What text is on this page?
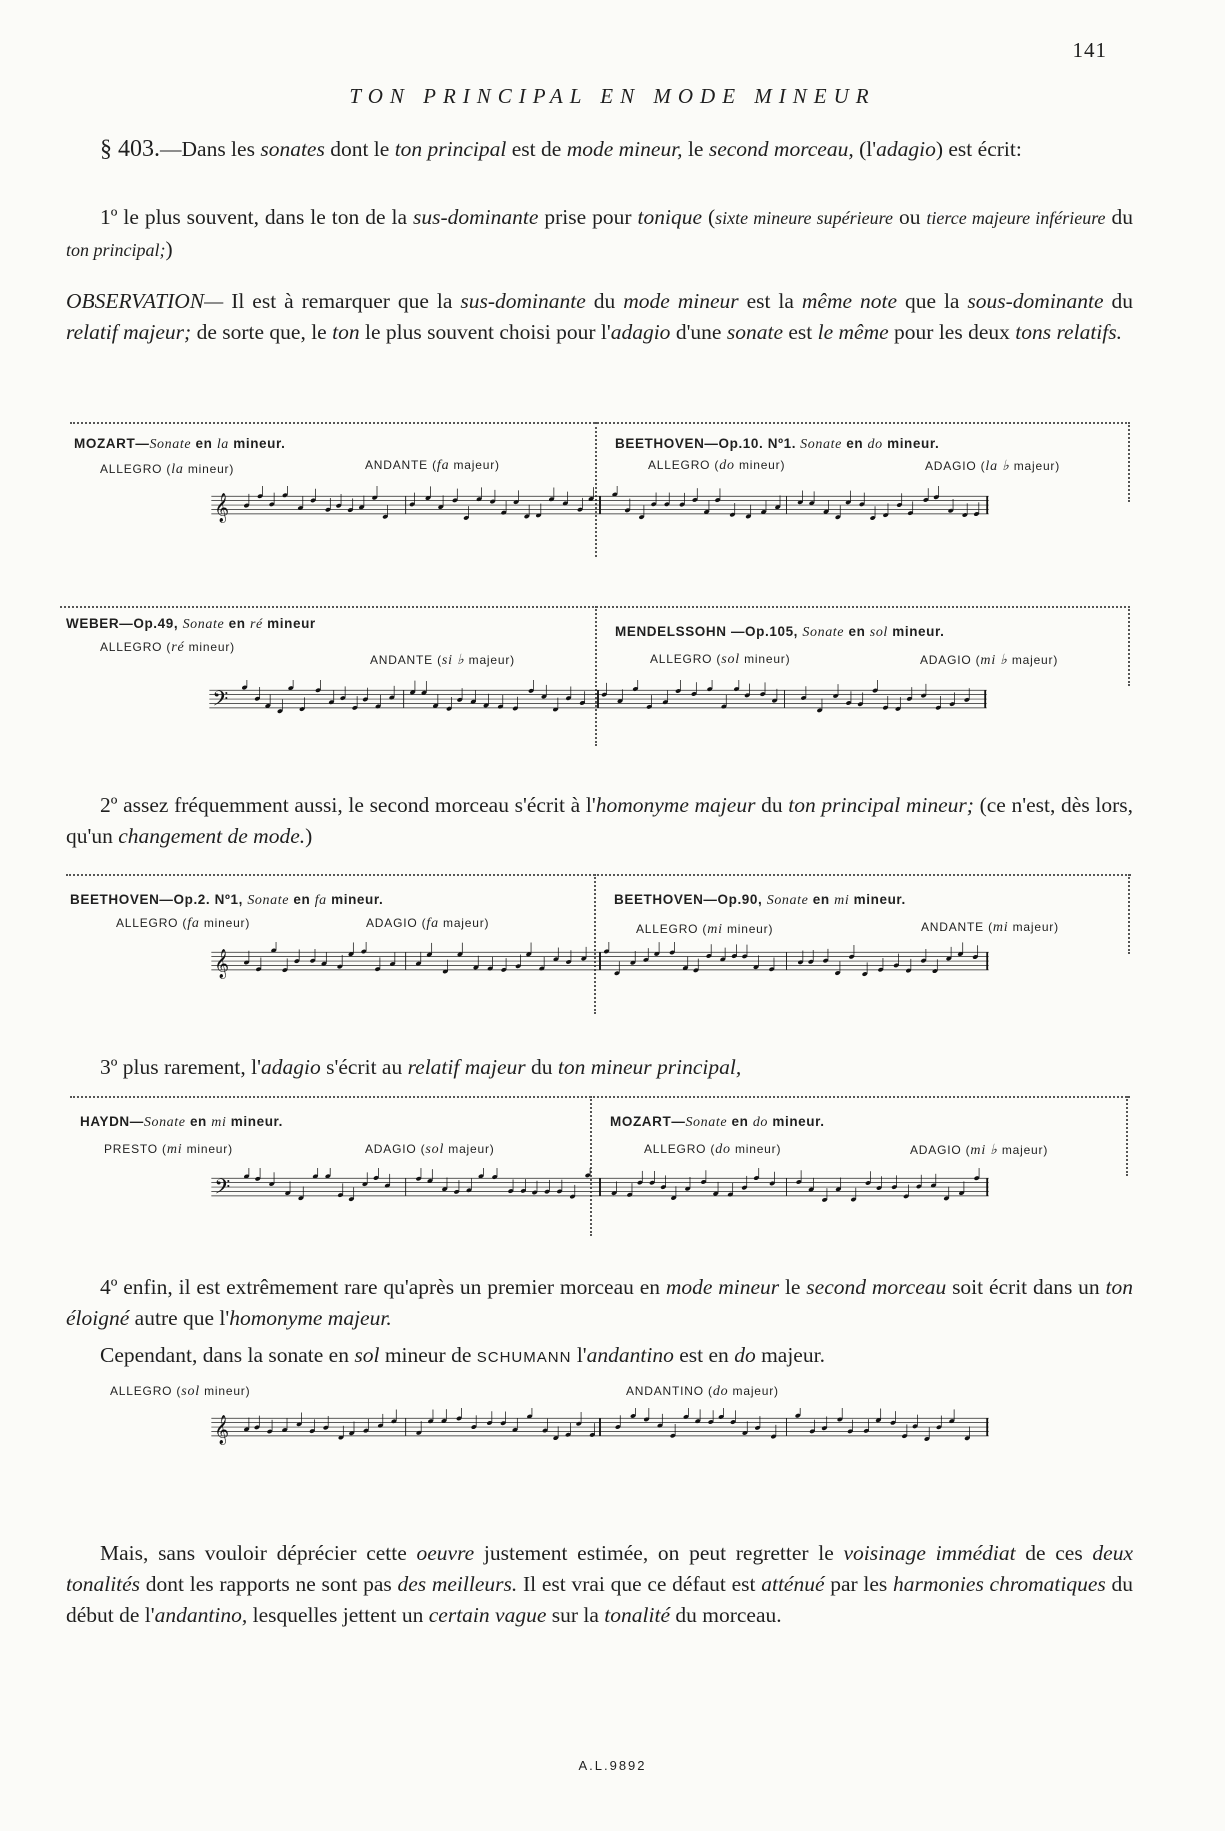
141
TON PRINCIPAL EN MODE MINEUR
§ 403.—Dans les sonates dont le ton principal est de mode mineur, le second morceau, (l'adagio) est écrit:
1º le plus souvent, dans le ton de la sus-dominante prise pour tonique (sixte mineure supérieure ou tierce majeure inférieure du ton principal;)
OBSERVATION— Il est à remarquer que la sus-dominante du mode mineur est la même note que la sous-dominante du relatif majeur; de sorte que, le ton le plus souvent choisi pour l'adagio d'une sonate est le même pour les deux tons relatifs.
MOZART—Sonate en la mineur.
ALLEGRO (la mineur)	ANDANTE (fa majeur)
BEETHOVEN—Op.10. Nº1. Sonate en do mineur.
ALLEGRO (do mineur)	ADAGIO (la ♭ majeur)
𝄞
WEBER—Op.49, Sonate en ré mineur
ALLEGRO (ré mineur)
ANDANTE (si ♭ majeur)
MENDELSSOHN —Op.105, Sonate en sol mineur.
ALLEGRO (sol mineur)	ADAGIO (mi ♭ majeur)
𝄢
2º assez fréquemment aussi, le second morceau s'écrit à l'homonyme majeur du ton principal mineur; (ce n'est, dès lors, qu'un changement de mode.)
BEETHOVEN—Op.2. Nº1, Sonate en fa mineur.
ALLEGRO (fa mineur)	ADAGIO (fa majeur)
BEETHOVEN—Op.90, Sonate en mi mineur.
ALLEGRO (mi mineur)	ANDANTE (mi majeur)
𝄞
3º plus rarement, l'adagio s'écrit au relatif majeur du ton mineur principal,
HAYDN—Sonate en mi mineur.
PRESTO (mi mineur)	ADAGIO (sol majeur)
MOZART—Sonate en do mineur.
ALLEGRO (do mineur)	ADAGIO (mi ♭ majeur)
𝄢
4º enfin, il est extrêmement rare qu'après un premier morceau en mode mineur le second morceau soit écrit dans un ton éloigné autre que l'homonyme majeur.
Cependant, dans la sonate en sol mineur de SCHUMANN l'andantino est en do majeur.
ALLEGRO (sol mineur)	ANDANTINO (do majeur)
𝄞
Mais, sans vouloir déprécier cette oeuvre justement estimée, on peut regretter le voisinage immédiat de ces deux tonalités dont les rapports ne sont pas des meilleurs. Il est vrai que ce défaut est atténué par les harmonies chromatiques du début de l'andantino, lesquelles jettent un certain vague sur la tonalité du morceau.
A.L.9892
